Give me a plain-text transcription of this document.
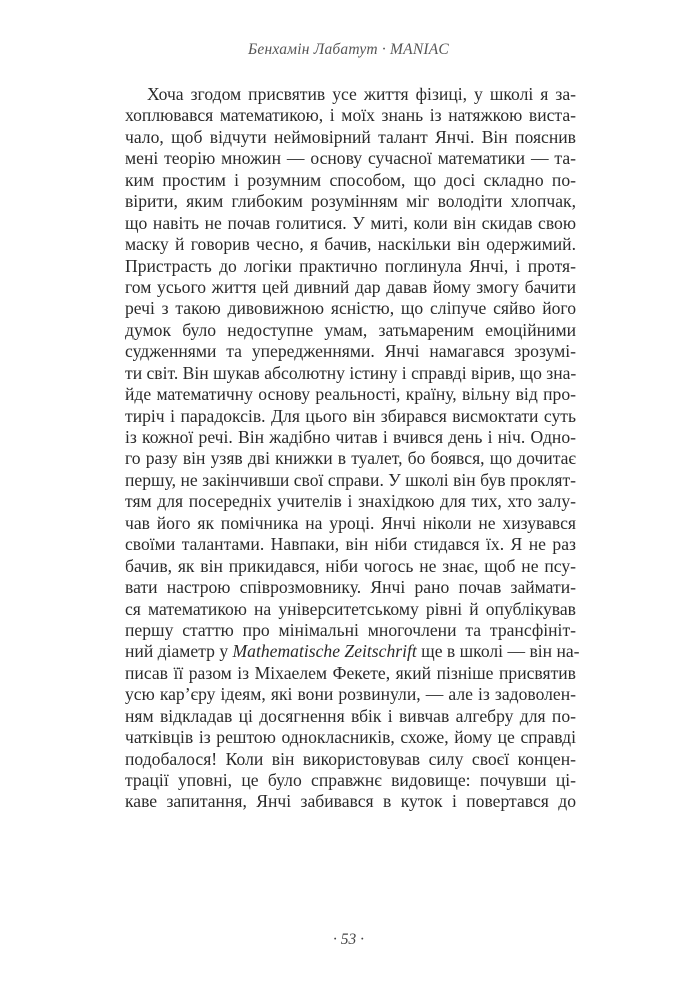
Бенхамін Лабатут · MANIAC
Хоча згодом присвятив усе життя фізиці, у школі я за-
хоплювався математикою, і моїх знань із натяжкою виста-
чало, щоб відчути неймовірний талант Янчі. Він пояснив
мені теорію множин — основу сучасної математики — та-
ким простим і розумним способом, що досі складно по-
вірити, яким глибоким розумінням міг володіти хлопчак,
що навіть не почав голитися. У миті, коли він скидав свою
маску й говорив чесно, я бачив, наскільки він одержимий.
Пристрасть до логіки практично поглинула Янчі, і протя-
гом усього життя цей дивний дар давав йому змогу бачити
речі з такою дивовижною ясністю, що сліпуче сяйво його
думок було недоступне умам, затьмареним емоційними
судженнями та упередженнями. Янчі намагався зрозумі-
ти світ. Він шукав абсолютну істину і справді вірив, що зна-
йде математичну основу реальності, країну, вільну від про-
тиріч і парадоксів. Для цього він збирався висмоктати суть
із кожної речі. Він жадібно читав і вчився день і ніч. Одно-
го разу він узяв дві книжки в туалет, бо боявся, що дочитає
першу, не закінчивши свої справи. У школі він був проклят-
тям для посередніх учителів і знахідкою для тих, хто залу-
чав його як помічника на уроці. Янчі ніколи не хизувався
своїми талантами. Навпаки, він ніби стидався їх. Я не раз
бачив, як він прикидався, ніби чогось не знає, щоб не псу-
вати настрою співрозмовнику. Янчі рано почав займати-
ся математикою на університетському рівні й опублікував
першу статтю про мінімальні многочлени та трансфініт-
ний діаметр у Mathematische Zeitschrift ще в школі — він на-
писав її разом із Міхаелем Фекете, який пізніше присвятив
усю кар’єру ідеям, які вони розвинули, — але із задоволен-
ням відкладав ці досягнення вбік і вивчав алгебру для по-
чатківців із рештою однокласників, схоже, йому це справді
подобалося! Коли він використовував силу своєї концен-
трації уповні, це було справжнє видовище: почувши ці-
каве запитання, Янчі забивався в куток і повертався до
· 53 ·
